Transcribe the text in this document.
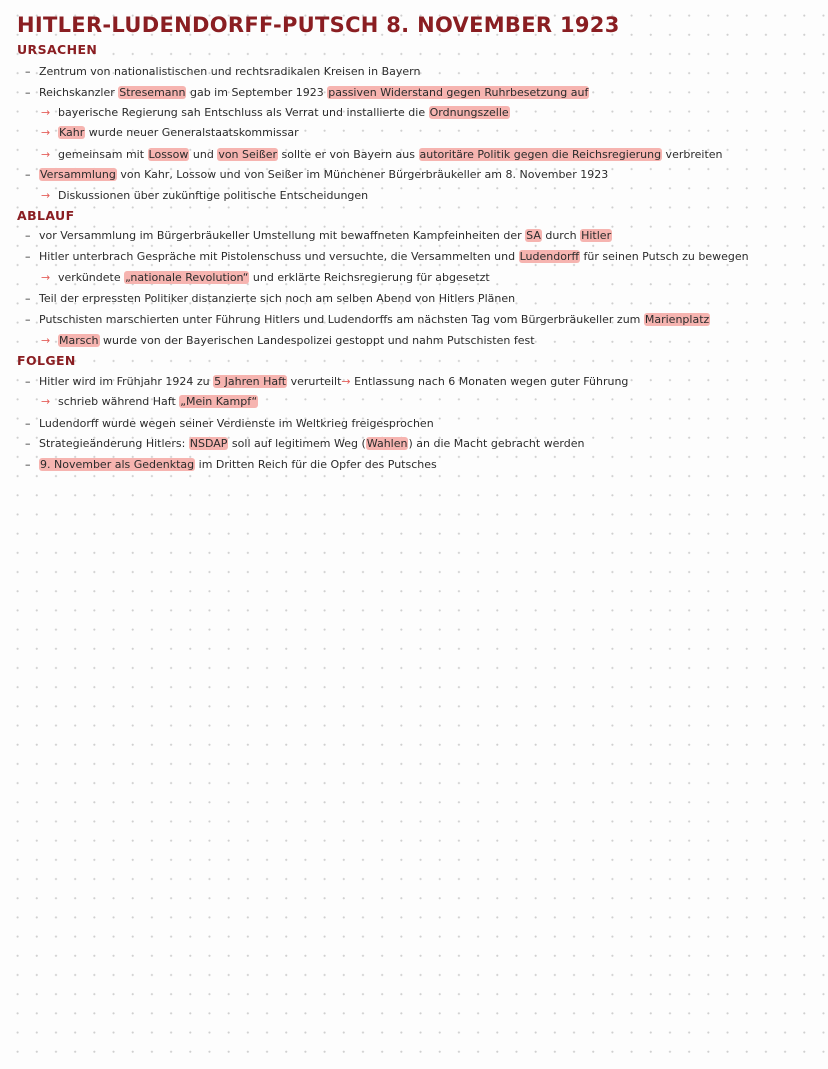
HITLER-LUDENDORFF-PUTSCH 8. NOVEMBER 1923
URSACHEN

– Zentrum von nationalistischen und rechtsradikalen Kreisen in Bayern

– Reichskanzler Stresemann gab im September 1923 passiven Widerstand gegen Ruhrbesetzung auf

→ bayerische Regierung sah Entschluss als Verrat und installierte die Ordnungszelle

→ Kahr wurde neuer Generalstaatskommissar

→ gemeinsam mit Lossow und von Seißer sollte er von Bayern aus autoritäre Politik gegen die Reichsregierung verbreiten

– Versammlung von Kahr, Lossow und von Seißer im Münchener Bürgerbräukeller am 8. November 1923

→ Diskussionen über zukünftige politische Entscheidungen

ABLAUF

– vor Versammlung im Bürgerbräukeller Umstellung mit bewaffneten Kampfeinheiten der SA durch Hitler

– Hitler unterbrach Gespräche mit Pistolenschuss und versuchte, die Versammelten und Ludendorff für seinen Putsch zu bewegen

→ verkündete „nationale Revolution“ und erklärte Reichsregierung für abgesetzt

– Teil der erpressten Politiker distanzierte sich noch am selben Abend von Hitlers Plänen

– Putschisten marschierten unter Führung Hitlers und Ludendorffs am nächsten Tag vom Bürgerbräukeller zum Marienplatz

→ Marsch wurde von der Bayerischen Landespolizei gestoppt und nahm Putschisten fest

FOLGEN

– Hitler wird im Frühjahr 1924 zu 5 Jahren Haft verurteilt→ Entlassung nach 6 Monaten wegen guter Führung

→ schrieb während Haft „Mein Kampf“

– Ludendorff wurde wegen seiner Verdienste im Weltkrieg freigesprochen

– Strategieänderung Hitlers: NSDAP soll auf legitimem Weg (Wahlen) an die Macht gebracht werden

– 9. November als Gedenktag im Dritten Reich für die Opfer des Putsches
